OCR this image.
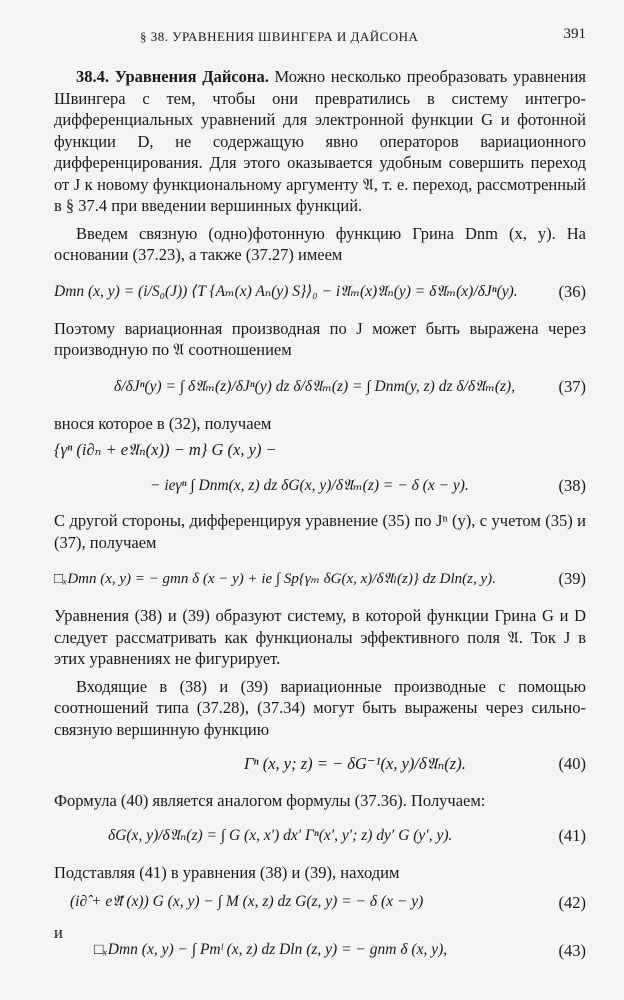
§ 38. УРАВНЕНИЯ ШВИНГЕРА И ДАЙСОНА	391

38.4. Уравнения Дайсона. Можно несколько преобразовать уравнения Швингера с тем, чтобы они превратились в систему интегро-дифференциальных уравнений для электронной функции G и фотонной функции D, не содержащую явно операторов вариационного дифференцирования. Для этого оказывается удобным совершить переход от J к новому функциональному аргументу 𝔄, т. е. переход, рассмотренный в § 37.4 при введении вершинных функций.

Введем связную (одно)фотонную функцию Грина Dnm (x, y). На основании (37.23), а также (37.27) имеем

Dmn (x, y) = (i/S₀(J)) ⟨T {Aₘ(x) Aₙ(y) S}⟩₀ − i𝔄ₘ(x)𝔄ₙ(y) = δ𝔄ₘ(x)/δJⁿ(y). (36)

Поэтому вариационная производная по J может быть выражена через производную по 𝔄 соотношением

δ/δJⁿ(y) = ∫ δ𝔄ₘ(z)/δJⁿ(y) dz δ/δ𝔄ₘ(z) = ∫ Dnm(y, z) dz δ/δ𝔄ₘ(z),	(37)

внося которое в (32), получаем

{γⁿ (i∂ₙ + e𝔄ₙ(x)) − m} G (x, y) −
− ieγⁿ ∫ Dnm(x, z) dz δG(x, y)/δ𝔄ₘ(z) = − δ (x − y).	(38)

С другой стороны, дифференцируя уравнение (35) по Jⁿ (y), с учетом (35) и (37), получаем

□ₓDmn (x, y) = − gmn δ (x − y) + ie ∫ Sp{γₘ δG(x, x)/δ𝔄ₗ(z)} dz Dln(z, y).	(39)

Уравнения (38) и (39) образуют систему, в которой функции Грина G и D следует рассматривать как функционалы эффективного поля 𝔄. Ток J в этих уравнениях не фигурирует.

Входящие в (38) и (39) вариационные производные с помощью соотношений типа (37.28), (37.34) могут быть выражены через сильно-связную вершинную функцию

Γⁿ (x, y; z) = − δG⁻¹(x, y)/δ𝔄ₙ(z).	(40)

Формула (40) является аналогом формулы (37.36). Получаем:

δG(x, y)/δ𝔄ₙ(z) = ∫ G (x, x′) dx′ Γⁿ(x′, y′; z) dy′ G (y′, y).	(41)

Подставляя (41) в уравнения (38) и (39), находим

(i∂̂ + e𝔄̂ (x)) G (x, y) − ∫ M (x, z) dz G(z, y) = − δ (x − y)	(42)
и
□ₓDmn (x, y) − ∫ Pmˡ (x, z) dz Dln (z, y) = − gnm δ (x, y),	(43)
